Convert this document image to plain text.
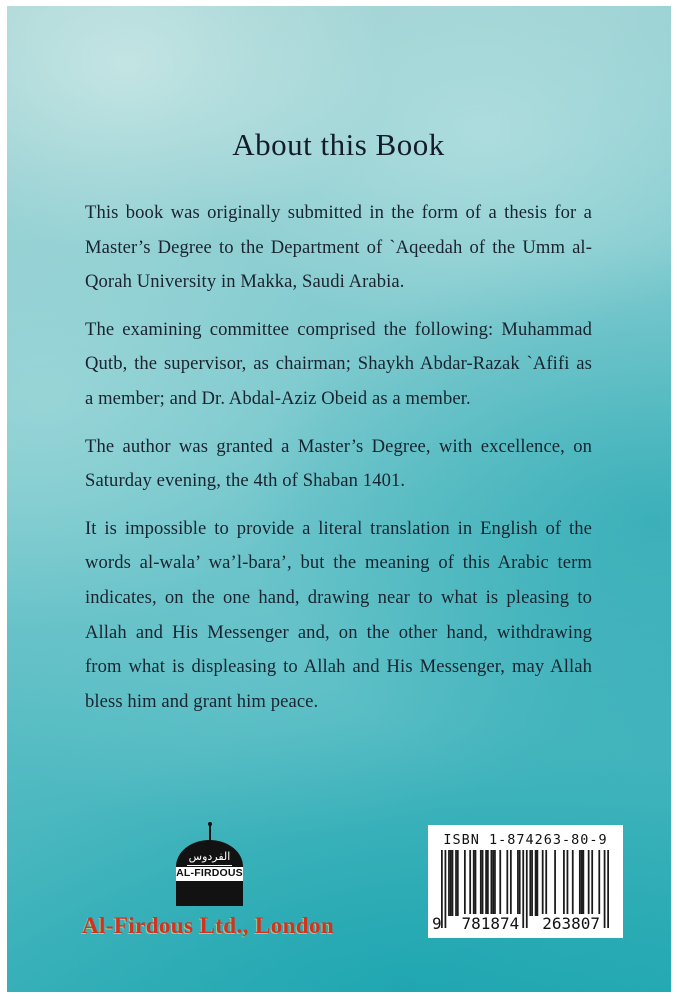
About this Book
This book was originally submitted in the form of a thesis for a
Master’s Degree to the Department of `Aqeedah of the Umm al-
Qorah University in Makka, Saudi Arabia.
The examining committee comprised the following: Muhammad
Qutb, the supervisor, as chairman; Shaykh Abdar-Razak `Afifi as
a member; and Dr. Abdal-Aziz Obeid as a member.
The author was granted a Master’s Degree, with excellence, on
Saturday evening, the 4th of Shaban 1401.
It is impossible to provide a literal translation in English of the
words al-wala’ wa’l-bara’, but the meaning of this Arabic term
indicates, on the one hand, drawing near to what is pleasing to
Allah and His Messenger and, on the other hand, withdrawing
from what is displeasing to Allah and His Messenger, may Allah
bless him and grant him peace.
الفردوس
AL-FIRDOUS
Al-Firdous Ltd., London
ISBN 1-874263-80-9
9 781874 263807
